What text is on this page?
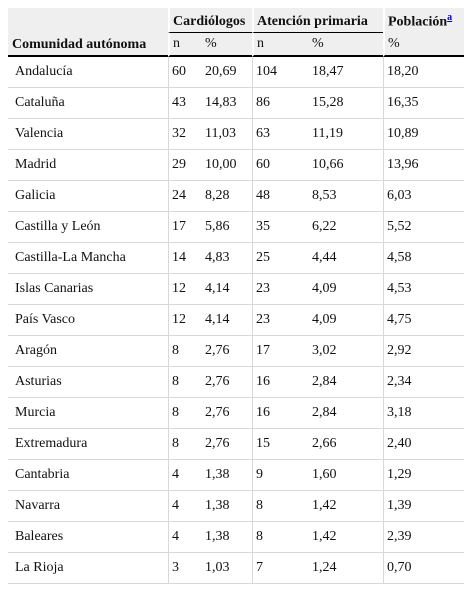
Comunidad autónoma	Cardiólogos		Atención primaria		Población$^a$
	n	%	n	%	%
Andalucía	60	20,69	104	18,47	18,20
Cataluña	43	14,83	86	15,28	16,35
Valencia	32	11,03	63	11,19	10,89
Madrid	29	10,00	60	10,66	13,96
Galicia	24	8,28	48	8,53	6,03
Castilla y León	17	5,86	35	6,22	5,52
Castilla-La Mancha	14	4,83	25	4,44	4,58
Islas Canarias	12	4,14	23	4,09	4,53
País Vasco	12	4,14	23	4,09	4,75
Aragón	8	2,76	17	3,02	2,92
Asturias	8	2,76	16	2,84	2,34
Murcia	8	2,76	16	2,84	3,18
Extremadura	8	2,76	15	2,66	2,40
Cantabria	4	1,38	9	1,60	1,29
Navarra	4	1,38	8	1,42	1,39
Baleares	4	1,38	8	1,42	2,39
La Rioja	3	1,03	7	1,24	0,70
